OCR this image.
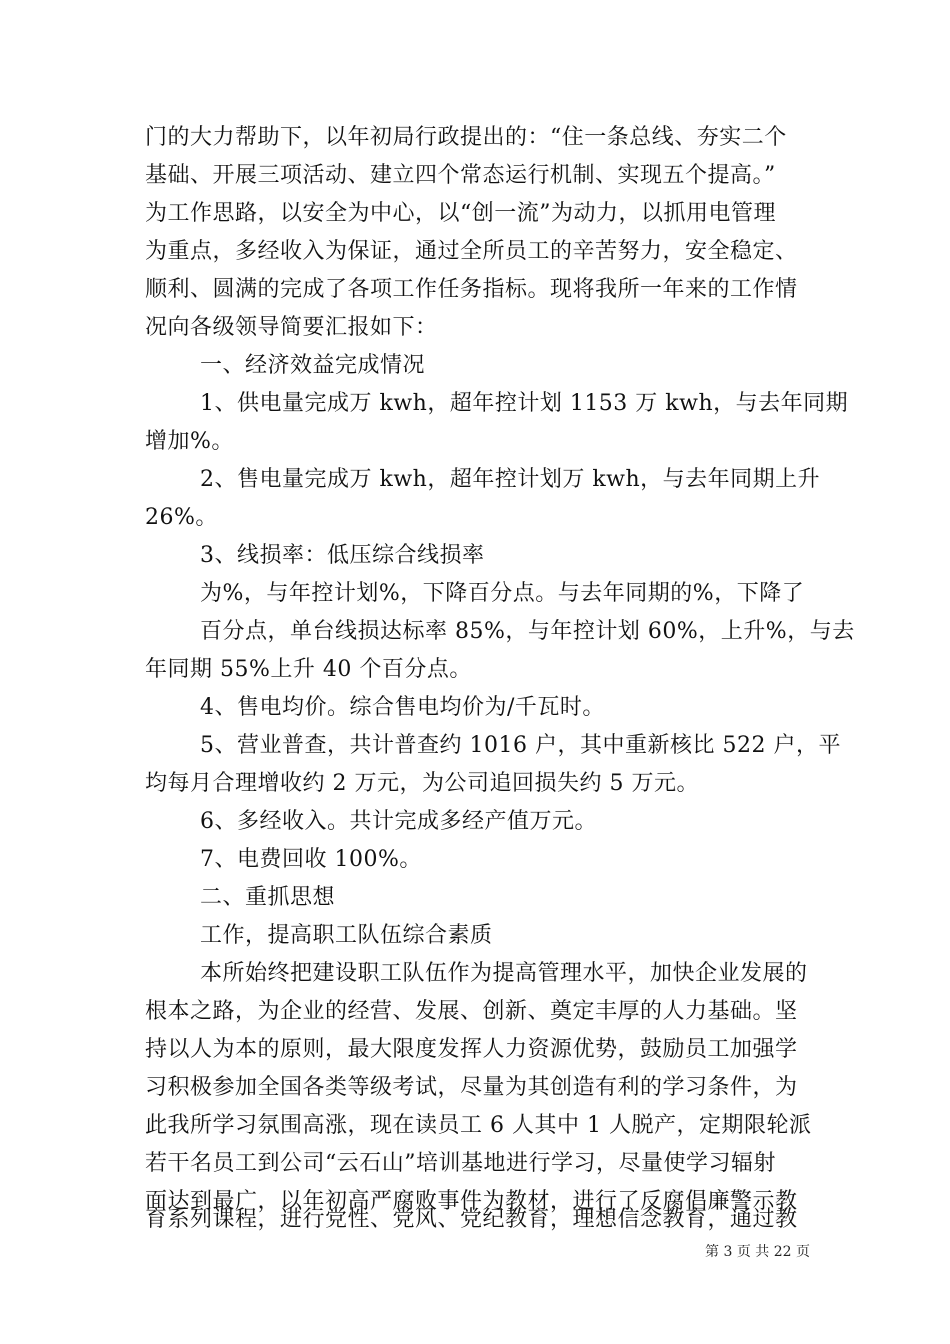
门的大力帮助下，以年初局行政提出的：“住一条总线、夯实二个
基础、开展三项活动、建立四个常态运行机制、实现五个提高。”
为工作思路，以安全为中心，以“创一流”为动力，以抓用电管理
为重点，多经收入为保证，通过全所员工的辛苦努力，安全稳定、
顺利、圆满的完成了各项工作任务指标。现将我所一年来的工作情
况向各级领导简要汇报如下：
一、经济效益完成情况
1、供电量完成万 kwh，超年控计划 1153 万 kwh，与去年同期
增加%。
2、售电量完成万 kwh，超年控计划万 kwh，与去年同期上升
26%。
3、线损率：低压综合线损率
为%，与年控计划%，下降百分点。与去年同期的%，下降了
百分点，单台线损达标率 85%，与年控计划 60%，上升%，与去
年同期 55%上升 40 个百分点。
4、售电均价。综合售电均价为/千瓦时。
5、营业普查，共计普查约 1016 户，其中重新核比 522 户，平
均每月合理增收约 2 万元，为公司追回损失约 5 万元。
6、多经收入。共计完成多经产值万元。
7、电费回收 100%。
二、重抓思想
工作，提高职工队伍综合素质
本所始终把建设职工队伍作为提高管理水平，加快企业发展的
根本之路，为企业的经营、发展、创新、奠定丰厚的人力基础。坚
持以人为本的原则，最大限度发挥人力资源优势，鼓励员工加强学
习积极参加全国各类等级考试，尽量为其创造有利的学习条件，为
此我所学习氛围高涨，现在读员工 6 人其中 1 人脱产，定期限轮派
若干名员工到公司“云石山”培训基地进行学习，尽量使学习辐射
面达到最广，以年初高严腐败事件为教材，进行了反腐倡廉警示教
第 3 页 共 22 页
育系列课程，进行党性、党风、党纪教育，理想信念教育，通过教
